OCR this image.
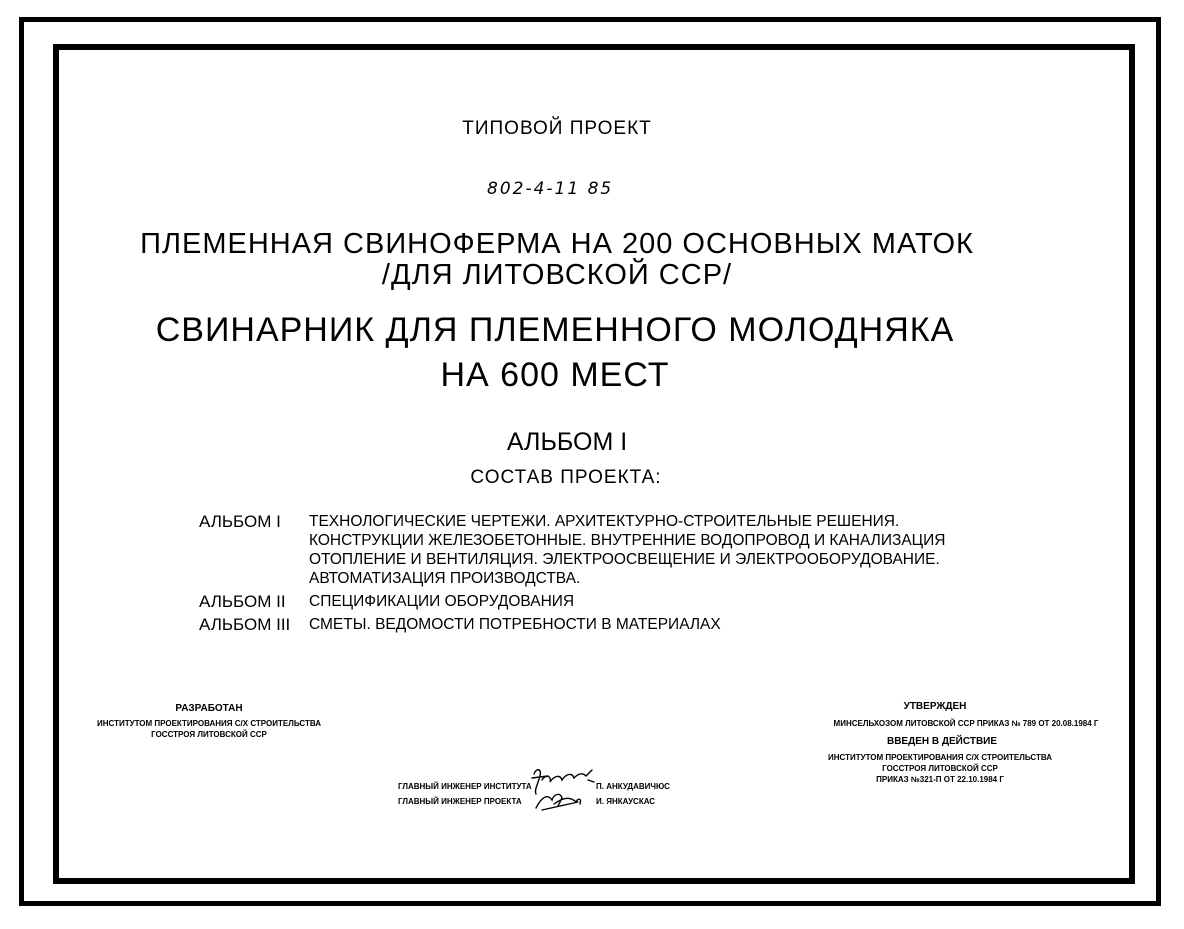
ТИПОВОЙ ПРОЕКТ
802-4-11 85
ПЛЕМЕННАЯ СВИНОФЕРМА НА 200 ОСНОВНЫХ МАТОК
/ДЛЯ ЛИТОВСКОЙ ССР/
СВИНАРНИК ДЛЯ ПЛЕМЕННОГО МОЛОДНЯКА
НА 600 МЕСТ
АЛЬБОМ I
СОСТАВ ПРОЕКТА:
АЛЬБОМ I	ТЕХНОЛОГИЧЕСКИЕ ЧЕРТЕЖИ. АРХИТЕКТУРНО-СТРОИТЕЛЬНЫЕ РЕШЕНИЯ.
КОНСТРУКЦИИ ЖЕЛЕЗОБЕТОННЫЕ. ВНУТРЕННИЕ ВОДОПРОВОД И КАНАЛИЗАЦИЯ
ОТОПЛЕНИЕ И ВЕНТИЛЯЦИЯ. ЭЛЕКТРООСВЕЩЕНИЕ И ЭЛЕКТРООБОРУДОВАНИЕ.
АВТОМАТИЗАЦИЯ ПРОИЗВОДСТВА.
АЛЬБОМ II	СПЕЦИФИКАЦИИ ОБОРУДОВАНИЯ
АЛЬБОМ III	СМЕТЫ. ВЕДОМОСТИ ПОТРЕБНОСТИ В МАТЕРИАЛАХ
РАЗРАБОТАН
ИНСТИТУТОМ ПРОЕКТИРОВАНИЯ С/Х СТРОИТЕЛЬСТВА
ГОССТРОЯ ЛИТОВСКОЙ ССР
УТВЕРЖДЕН
МИНСЕЛЬХОЗОМ ЛИТОВСКОЙ ССР ПРИКАЗ № 789 ОТ 20.08.1984 Г
ВВЕДЕН В ДЕЙСТВИЕ
ИНСТИТУТОМ ПРОЕКТИРОВАНИЯ С/Х СТРОИТЕЛЬСТВА
ГОССТРОЯ ЛИТОВСКОЙ ССР
ПРИКАЗ №321-П ОТ 22.10.1984 Г
ГЛАВНЫЙ ИНЖЕНЕР ИНСТИТУТА	П. АНКУДАВИЧЮС
ГЛАВНЫЙ ИНЖЕНЕР ПРОЕКТА	И. ЯНКАУСКАС
